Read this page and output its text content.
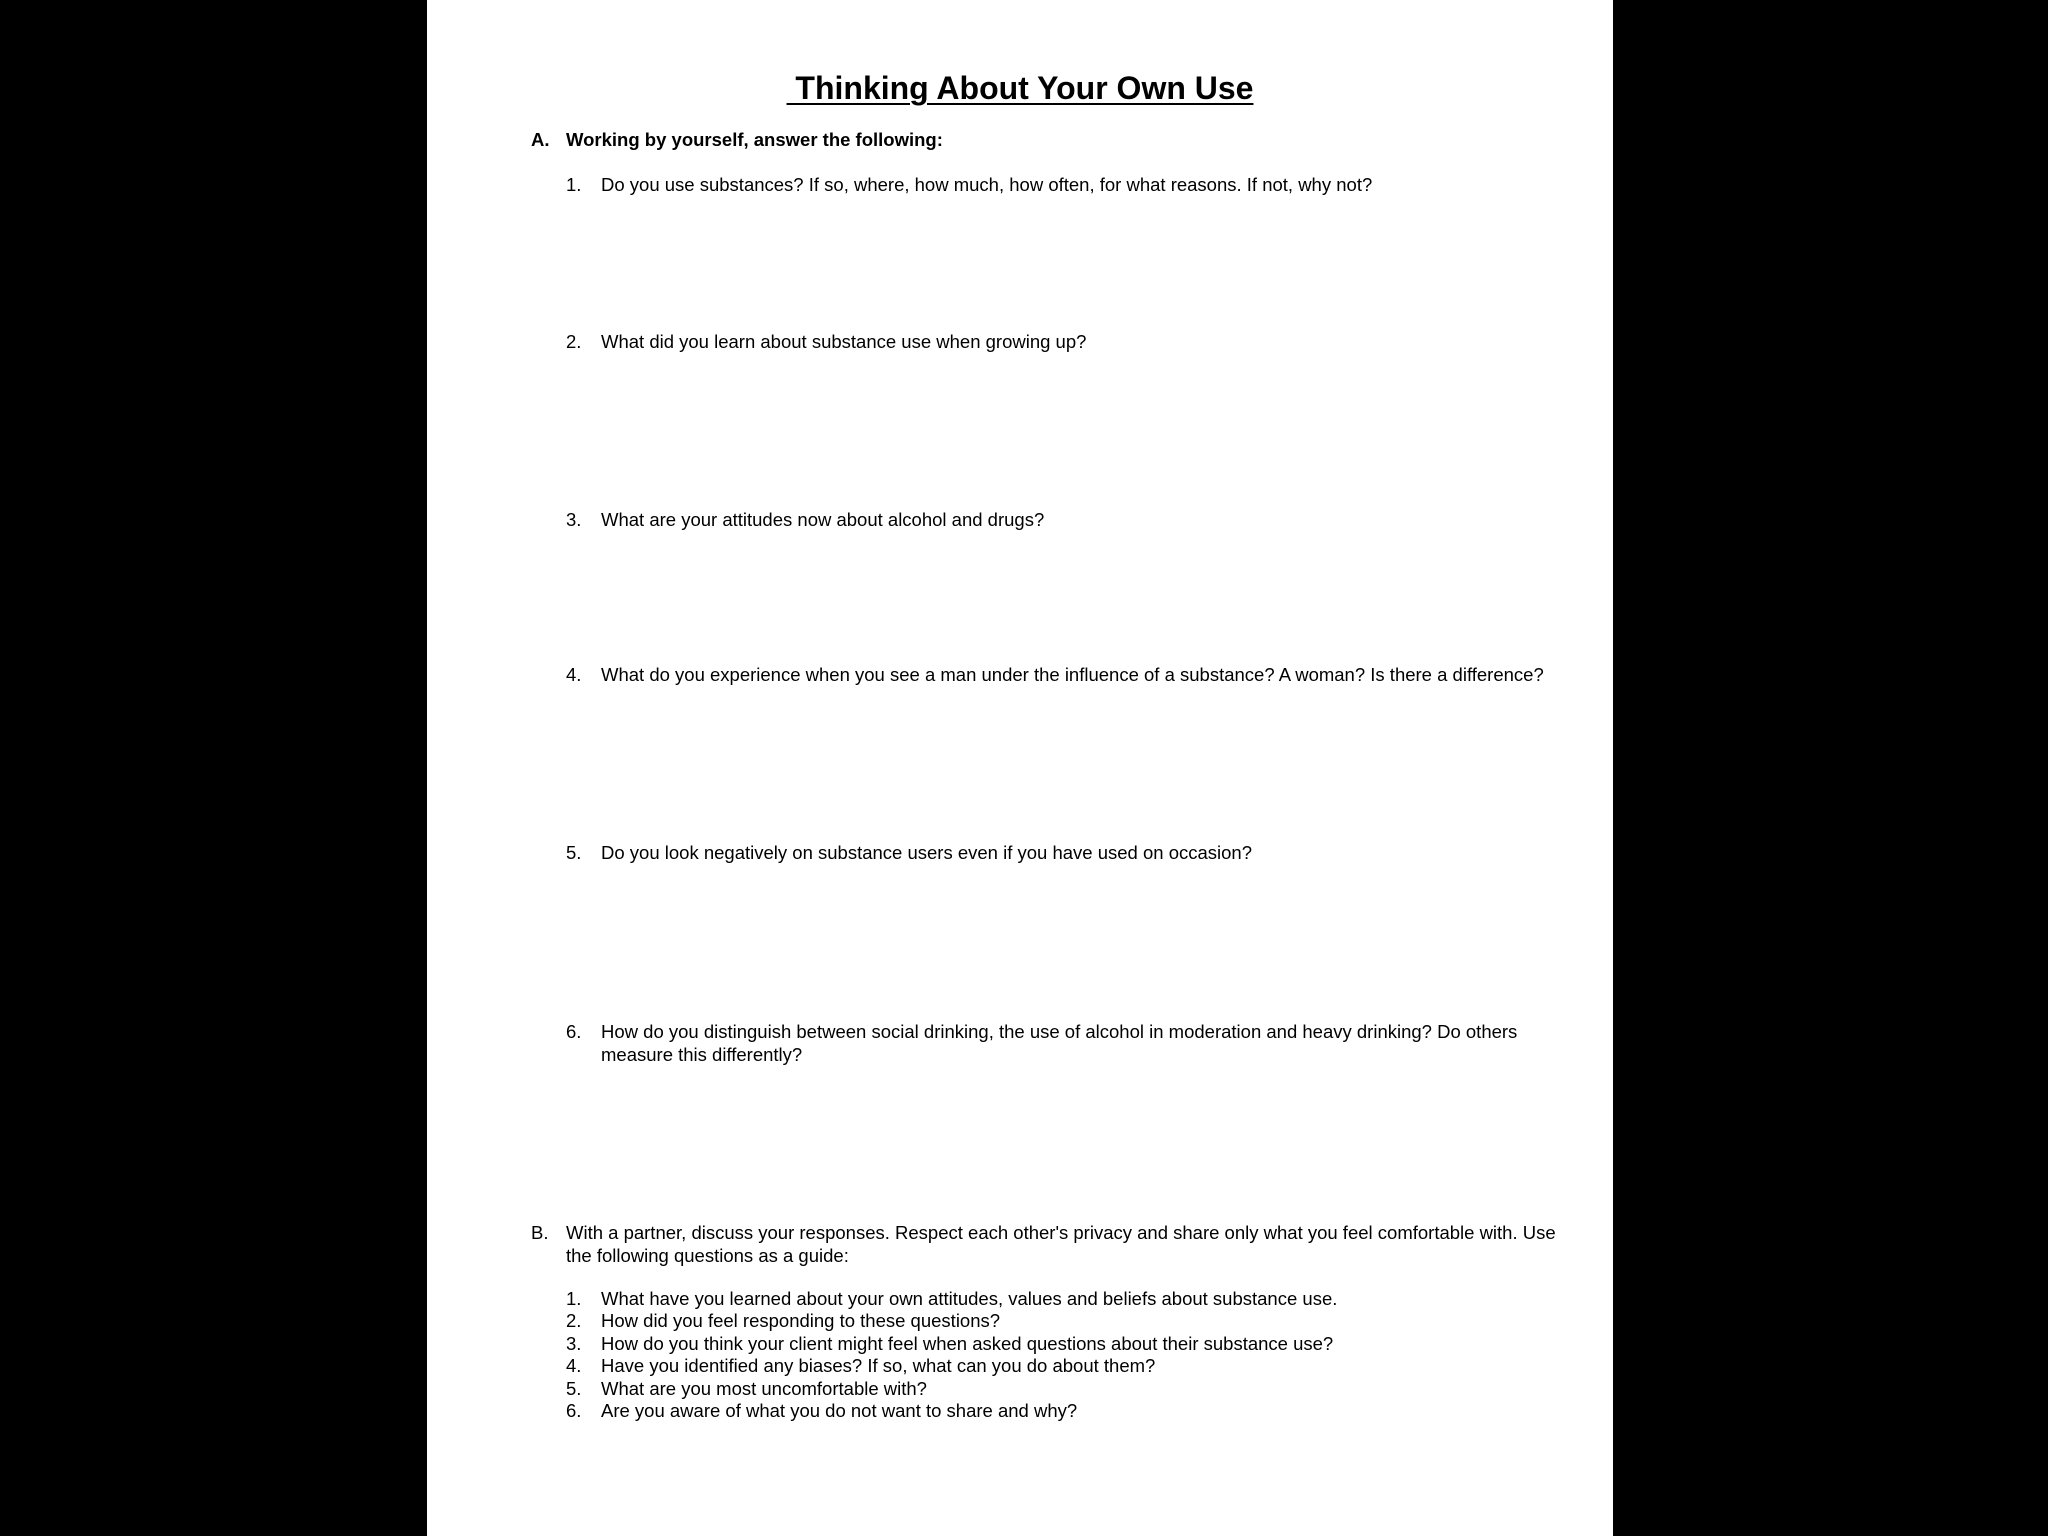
Thinking About Your Own Use
A. Working by yourself, answer the following:
1. Do you use substances? If so, where, how much, how often, for what reasons. If not, why not?
2. What did you learn about substance use when growing up?
3. What are your attitudes now about alcohol and drugs?
4. What do you experience when you see a man under the influence of a substance? A woman? Is there a difference?
5. Do you look negatively on substance users even if you have used on occasion?
6. How do you distinguish between social drinking, the use of alcohol in moderation and heavy drinking? Do others measure this differently?
B. With a partner, discuss your responses. Respect each other's privacy and share only what you feel comfortable with. Use the following questions as a guide:
1. What have you learned about your own attitudes, values and beliefs about substance use.
2. How did you feel responding to these questions?
3. How do you think your client might feel when asked questions about their substance use?
4. Have you identified any biases? If so, what can you do about them?
5. What are you most uncomfortable with?
6. Are you aware of what you do not want to share and why?
